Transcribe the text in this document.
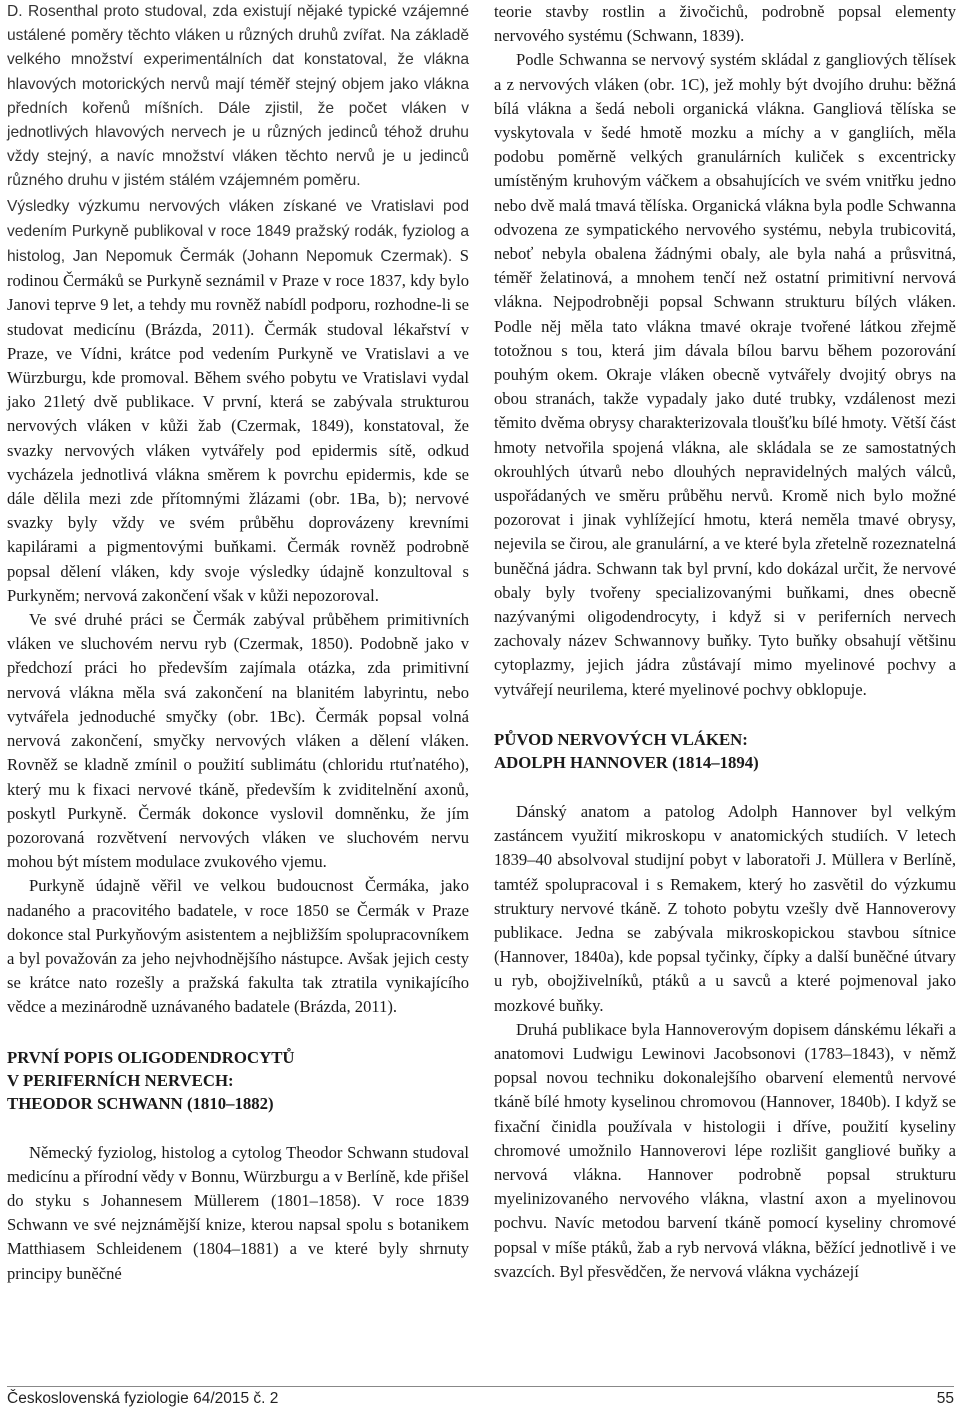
D. Rosenthal proto studoval, zda existují nějaké typické vzájemné ustálené poměry těchto vláken u různých druhů zvířat. Na základě velkého množství experimentálních dat konstatoval, že vlákna hlavových motorických nervů mají téměř stejný objem jako vlákna předních kořenů míšních. Dále zjistil, že počet vláken v jednotlivých hlavových nervech je u různých jedinců téhož druhu vždy stejný, a navíc množství vláken těchto nervů je u jedinců různého druhu v jistém stálém vzájemném poměru.

Výsledky výzkumu nervových vláken získané ve Vratislavi pod vedením Purkyně publikoval v roce 1849 pražský rodák, fyziolog a histolog, Jan Nepomuk Čermák (Johann Nepomuk Czermak). S rodinou Čermáků se Purkyně seznámil v Praze v roce 1837, kdy bylo Janovi teprve 9 let, a tehdy mu rovněž nabídl podporu, rozhodne-li se studovat medicínu (Brázda, 2011). Čermák studoval lékařství v Praze, ve Vídni, krátce pod vedením Purkyně ve Vratislavi a ve Würzburgu, kde promoval. Během svého pobytu ve Vratislavi vydal jako 21letý dvě publikace. V první, která se zabývala strukturou nervových vláken v kůži žab (Czermak, 1849), konstatoval, že svazky nervových vláken vytvářely pod epidermis sítě, odkud vycházela jednotlivá vlákna směrem k povrchu epidermis, kde se dále dělila mezi zde přítomnými žlázami (obr. 1Ba, b); nervové svazky byly vždy ve svém průběhu doprovázeny krevními kapilárami a pigmentovými buňkami. Čermák rovněž podrobně popsal dělení vláken, kdy svoje výsledky údajně konzultoval s Purkyněm; nervová zakončení však v kůži nepozoroval.

Ve své druhé práci se Čermák zabýval průběhem primitivních vláken ve sluchovém nervu ryb (Czermak, 1850). Podobně jako v předchozí práci ho především zajímala otázka, zda primitivní nervová vlákna měla svá zakončení na blanitém labyrintu, nebo vytvářela jednoduché smyčky (obr. 1Bc). Čermák popsal volná nervová zakončení, smyčky nervových vláken a dělení vláken. Rovněž se kladně zmínil o použití sublimátu (chloridu rtuťnatého), který mu k fixaci nervové tkáně, především k zviditelnění axonů, poskytl Purkyně. Čermák dokonce vyslovil domněnku, že jím pozorovaná rozvětvení nervových vláken ve sluchovém nervu mohou být místem modulace zvukového vjemu.

Purkyně údajně věřil ve velkou budoucnost Čermáka, jako nadaného a pracovitého badatele, v roce 1850 se Čermák v Praze dokonce stal Purkyňovým asistentem a nejbližším spolupracovníkem a byl považován za jeho nejvhodnějšího nástupce. Avšak jejich cesty se krátce nato rozešly a pražská fakulta tak ztratila vynikajícího vědce a mezinárodně uznávaného badatele (Brázda, 2011).

PRVNÍ POPIS OLIGODENDROCYTŮ
V PERIFERNÍCH NERVECH:
THEODOR SCHWANN (1810–1882)

Německý fyziolog, histolog a cytolog Theodor Schwann studoval medicínu a přírodní vědy v Bonnu, Würzburgu a v Berlíně, kde přišel do styku s Johannesem Müllerem (1801–1858). V roce 1839 Schwann ve své nejznámější knize, kterou napsal spolu s botanikem Matthiasem Schleidenem (1804–1881) a ve které byly shrnuty principy buněčné

teorie stavby rostlin a živočichů, podrobně popsal elementy nervového systému (Schwann, 1839).

Podle Schwanna se nervový systém skládal z gangliových tělísek a z nervových vláken (obr. 1C), jež mohly být dvojího druhu: běžná bílá vlákna a šedá neboli organická vlákna. Gangliová tělíska se vyskytovala v šedé hmotě mozku a míchy a v gangliích, měla podobu poměrně velkých granulárních kuliček s excentricky umístěným kruhovým váčkem a obsahujících ve svém vnitřku jedno nebo dvě malá tmavá tělíska. Organická vlákna byla podle Schwanna odvozena ze sympatického nervového systému, nebyla trubicovitá, neboť nebyla obalena žádnými obaly, ale byla nahá a průsvitná, téměř želatinová, a mnohem tenčí než ostatní primitivní nervová vlákna. Nejpodrobněji popsal Schwann strukturu bílých vláken. Podle něj měla tato vlákna tmavé okraje tvořené látkou zřejmě totožnou s tou, která jim dávala bílou barvu během pozorování pouhým okem. Okraje vláken obecně vytvářely dvojitý obrys na obou stranách, takže vypadaly jako duté trubky, vzdálenost mezi těmito dvěma obrysy charakterizovala tloušťku bílé hmoty. Větší část hmoty netvořila spojená vlákna, ale skládala se ze samostatných okrouhlých útvarů nebo dlouhých nepravidelných malých válců, uspořádaných ve směru průběhu nervů. Kromě nich bylo možné pozorovat i jinak vyhlížející hmotu, která neměla tmavé obrysy, nejevila se čirou, ale granulární, a ve které byla zřetelně rozeznatelná buněčná jádra. Schwann tak byl první, kdo dokázal určit, že nervové obaly byly tvořeny specializovanými buňkami, dnes obecně nazývanými oligodendrocyty, i když si v periferních nervech zachovaly název Schwannovy buňky. Tyto buňky obsahují většinu cytoplazmy, jejich jádra zůstávají mimo myelinové pochvy a vytvářejí neurilema, které myelinové pochvy obklopuje.

PŮVOD NERVOVÝCH VLÁKEN:
ADOLPH HANNOVER (1814–1894)

Dánský anatom a patolog Adolph Hannover byl velkým zastáncem využití mikroskopu v anatomických studiích. V letech 1839–40 absolvoval studijní pobyt v laboratoři J. Müllera v Berlíně, tamtéž spolupracoval i s Remakem, který ho zasvětil do výzkumu struktury nervové tkáně. Z tohoto pobytu vzešly dvě Hannoverovy publikace. Jedna se zabývala mikroskopickou stavbou sítnice (Hannover, 1840a), kde popsal tyčinky, čípky a další buněčné útvary u ryb, obojživelníků, ptáků a u savců a které pojmenoval jako mozkové buňky.

Druhá publikace byla Hannoverovým dopisem dánskému lékaři a anatomovi Ludwigu Lewinovi Jacobsonovi (1783–1843), v němž popsal novou techniku dokonalejšího obarvení elementů nervové tkáně bílé hmoty kyselinou chromovou (Hannover, 1840b). I když se fixační činidla používala v histologii i dříve, použití kyseliny chromové umožnilo Hannoverovi lépe rozlišit gangliové buňky a nervová vlákna. Hannover podrobně popsal strukturu myelinizovaného nervového vlákna, vlastní axon a myelinovou pochvu. Navíc metodou barvení tkáně pomocí kyseliny chromové popsal v míše ptáků, žab a ryb nervová vlákna, běžící jednotlivě i ve svazcích. Byl přesvědčen, že nervová vlákna vycházejí

Československá fyziologie 64/2015 č. 2	55
